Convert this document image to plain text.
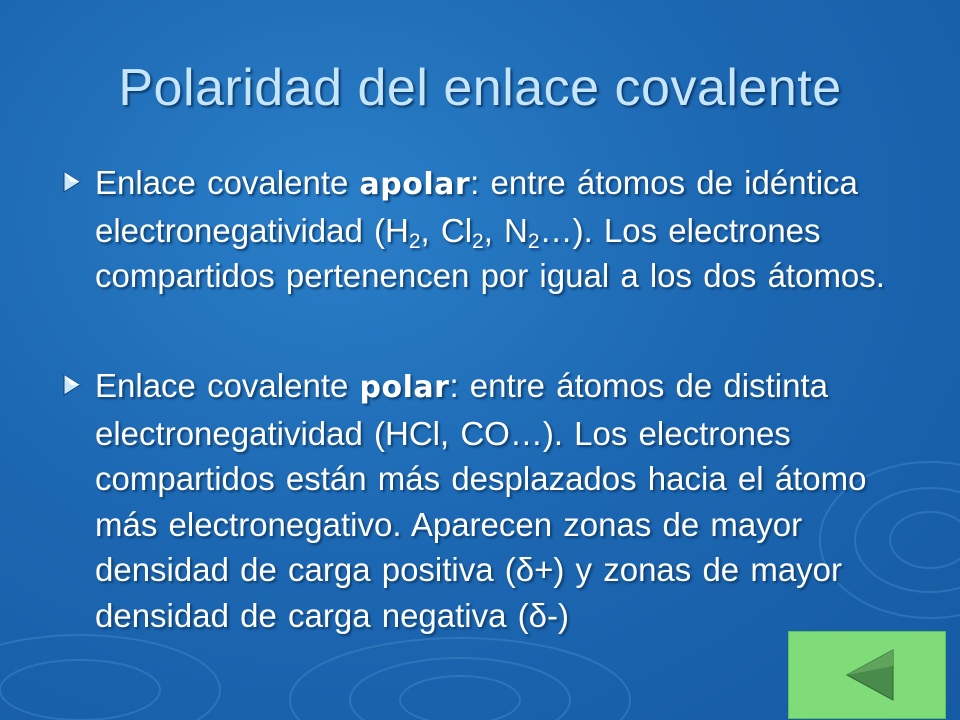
Polaridad del enlace covalente
Enlace covalente apolar: entre átomos de idéntica electronegatividad ($H_2$, $Cl_2$, $N_2\dots$). Los electrones compartidos pertenencen por igual a los dos átomos.
Enlace covalente polar: entre átomos de distinta electronegatividad (HCl, CO…). Los electrones compartidos están más desplazados hacia el átomo más electronegativo. Aparecen zonas de mayor densidad de carga positiva (δ+) y zonas de mayor densidad de carga negativa (δ-)
